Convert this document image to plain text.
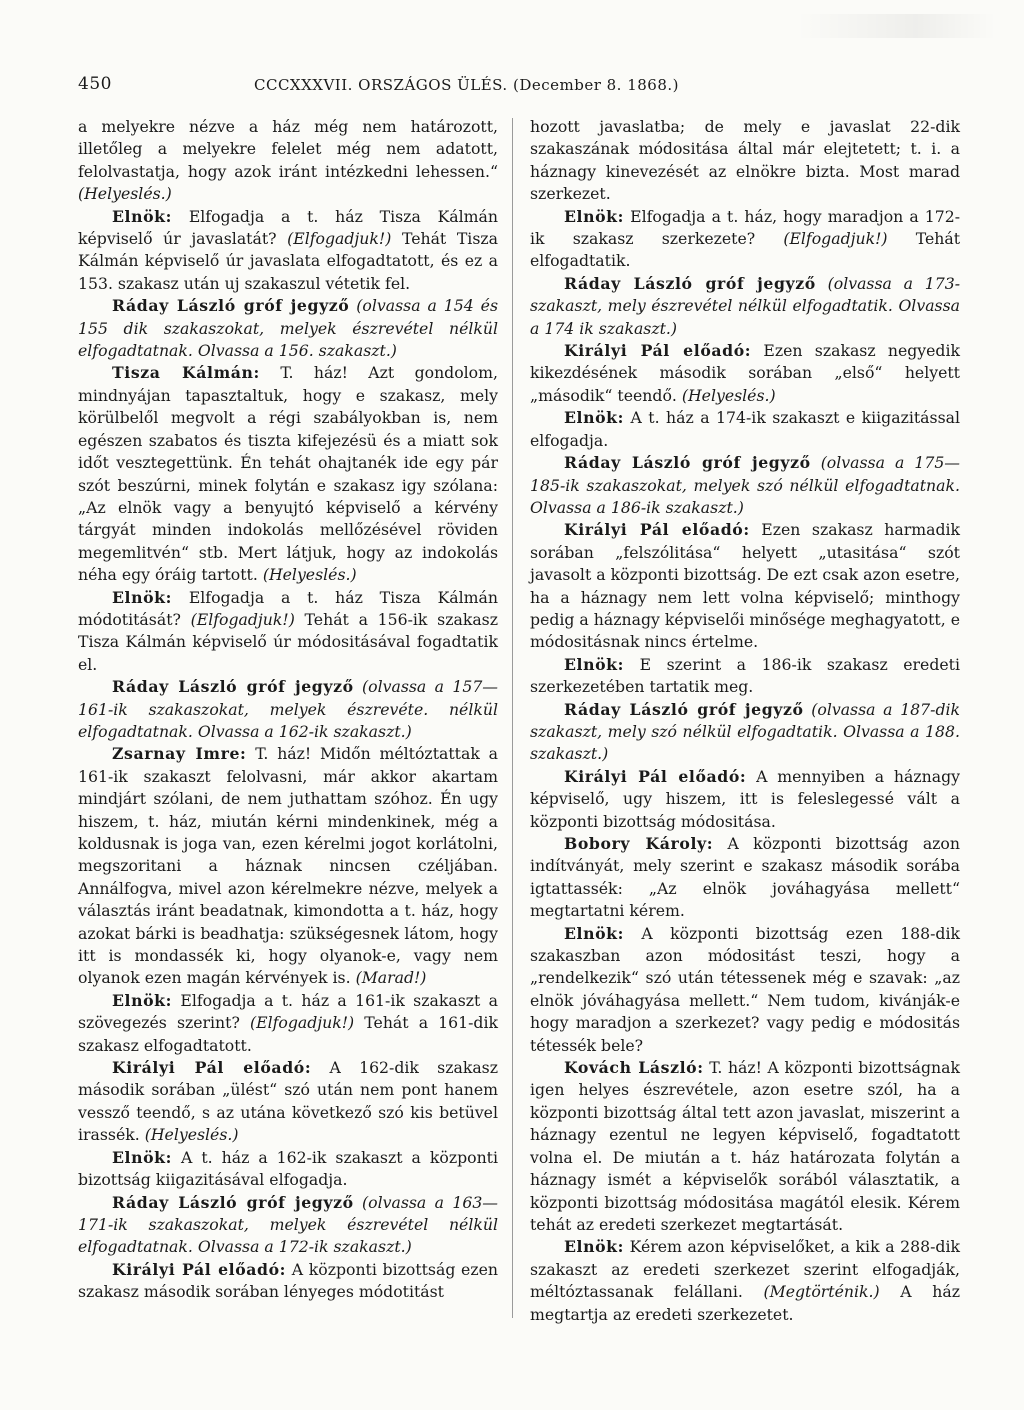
450	CCCXXXVII. ORSZÁGOS ÜLÉS. (December 8. 1868.)

a melyekre nézve a ház még nem határozott, illetőleg a melyekre felelet még nem adatott, felolvastatja, hogy azok iránt intézkedni lehessen.“ (Helyeslés.)

Elnök: Elfogadja a t. ház Tisza Kálmán képviselő úr javaslatát? (Elfogadjuk!) Tehát Tisza Kálmán képviselő úr javaslata elfogadtatott, és ez a 153. szakasz után uj szakaszul vétetik fel.

Ráday László gróf jegyző (olvassa a 154 és 155 dik szakaszokat, melyek észrevétel nélkül elfogadtatnak. Olvassa a 156. szakaszt.)

Tisza Kálmán: T. ház! Azt gondolom, mindnyájan tapasztaltuk, hogy e szakasz, mely körülbelől megvolt a régi szabályokban is, nem egészen szabatos és tiszta kifejezésü és a miatt sok időt vesztegettünk. Én tehát ohajtanék ide egy pár szót beszúrni, minek folytán e szakasz igy szólana: „Az elnök vagy a benyujtó képviselő a kérvény tárgyát minden indokolás mellőzésével röviden megemlitvén“ stb. Mert látjuk, hogy az indokolás néha egy óráig tartott. (Helyeslés.)

Elnök: Elfogadja a t. ház Tisza Kálmán módotitását? (Elfogadjuk!) Tehát a 156-ik szakasz Tisza Kálmán képviselő úr módositásával fogadtatik el.

Ráday László gróf jegyző (olvassa a 157—161-ik szakaszokat, melyek észrevéte. nélkül elfogadtatnak. Olvassa a 162-ik szakaszt.)

Zsarnay Imre: T. ház! Midőn méltóztattak a 161-ik szakaszt felolvasni, már akkor akartam mindjárt szólani, de nem juthattam szóhoz. Én ugy hiszem, t. ház, miután kérni mindenkinek, még a koldusnak is joga van, ezen kérelmi jogot korlátolni, megszoritani a háznak nincsen czéljában. Annálfogva, mivel azon kérelmekre nézve, melyek a választás iránt beadatnak, kimondotta a t. ház, hogy azokat bárki is beadhatja: szükségesnek látom, hogy itt is mondassék ki, hogy olyanok-e, vagy nem olyanok ezen magán kérvények is. (Marad!)

Elnök: Elfogadja a t. ház a 161-ik szakaszt a szövegezés szerint? (Elfogadjuk!) Tehát a 161-dik szakasz elfogadtatott.

Királyi Pál előadó: A 162-dik szakasz második sorában „ülést“ szó után nem pont hanem vessző teendő, s az utána következő szó kis betüvel irassék. (Helyeslés.)

Elnök: A t. ház a 162-ik szakaszt a központi bizottság kiigazitásával elfogadja.

Ráday László gróf jegyző (olvassa a 163—171-ik szakaszokat, melyek észrevétel nélkül elfogadtatnak. Olvassa a 172-ik szakaszt.)

Királyi Pál előadó: A központi bizottság ezen szakasz második sorában lényeges módotitást

hozott javaslatba; de mely e javaslat 22-dik szakaszának módositása által már elejtetett; t. i. a háznagy kinevezését az elnökre bizta. Most marad szerkezet.

Elnök: Elfogadja a t. ház, hogy maradjon a 172-ik szakasz szerkezete? (Elfogadjuk!) Tehát elfogadtatik.

Ráday László gróf jegyző (olvassa a 173-szakaszt, mely észrevétel nélkül elfogadtatik. Olvassa a 174 ik szakaszt.)

Királyi Pál előadó: Ezen szakasz negyedik kikezdésének második sorában „első“ helyett „második“ teendő. (Helyeslés.)

Elnök: A t. ház a 174-ik szakaszt e kiigazitással elfogadja.

Ráday László gróf jegyző (olvassa a 175—185-ik szakaszokat, melyek szó nélkül elfogadtatnak. Olvassa a 186-ik szakaszt.)

Királyi Pál előadó: Ezen szakasz harmadik sorában „felszólitása“ helyett „utasitása“ szót javasolt a központi bizottság. De ezt csak azon esetre, ha a háznagy nem lett volna képviselő; minthogy pedig a háznagy képviselői minősége meghagyatott, e módositásnak nincs értelme.

Elnök: E szerint a 186-ik szakasz eredeti szerkezetében tartatik meg.

Ráday László gróf jegyző (olvassa a 187-dik szakaszt, mely szó nélkül elfogadtatik. Olvassa a 188. szakaszt.)

Királyi Pál előadó: A mennyiben a háznagy képviselő, ugy hiszem, itt is feleslegessé vált a központi bizottság módositása.

Bobory Károly: A központi bizottság azon indítványát, mely szerint e szakasz második sorába igtattassék: „Az elnök jováhagyása mellett“ megtartatni kérem.

Elnök: A központi bizottság ezen 188-dik szakaszban azon módositást teszi, hogy a „rendelkezik“ szó után tétessenek még e szavak: „az elnök jóváhagyása mellett.“ Nem tudom, kivánják-e hogy maradjon a szerkezet? vagy pedig e módositás tétessék bele?

Kovách László: T. ház! A központi bizottságnak igen helyes észrevétele, azon esetre szól, ha a központi bizottság által tett azon javaslat, miszerint a háznagy ezentul ne legyen képviselő, fogadtatott volna el. De miután a t. ház határozata folytán a háznagy ismét a képviselők sorából választatik, a központi bizottság módositása magától elesik. Kérem tehát az eredeti szerkezet megtartását.

Elnök: Kérem azon képviselőket, a kik a 288-dik szakaszt az eredeti szerkezet szerint elfogadják, méltóztassanak felállani. (Megtörténik.) A ház megtartja az eredeti szerkezetet.
